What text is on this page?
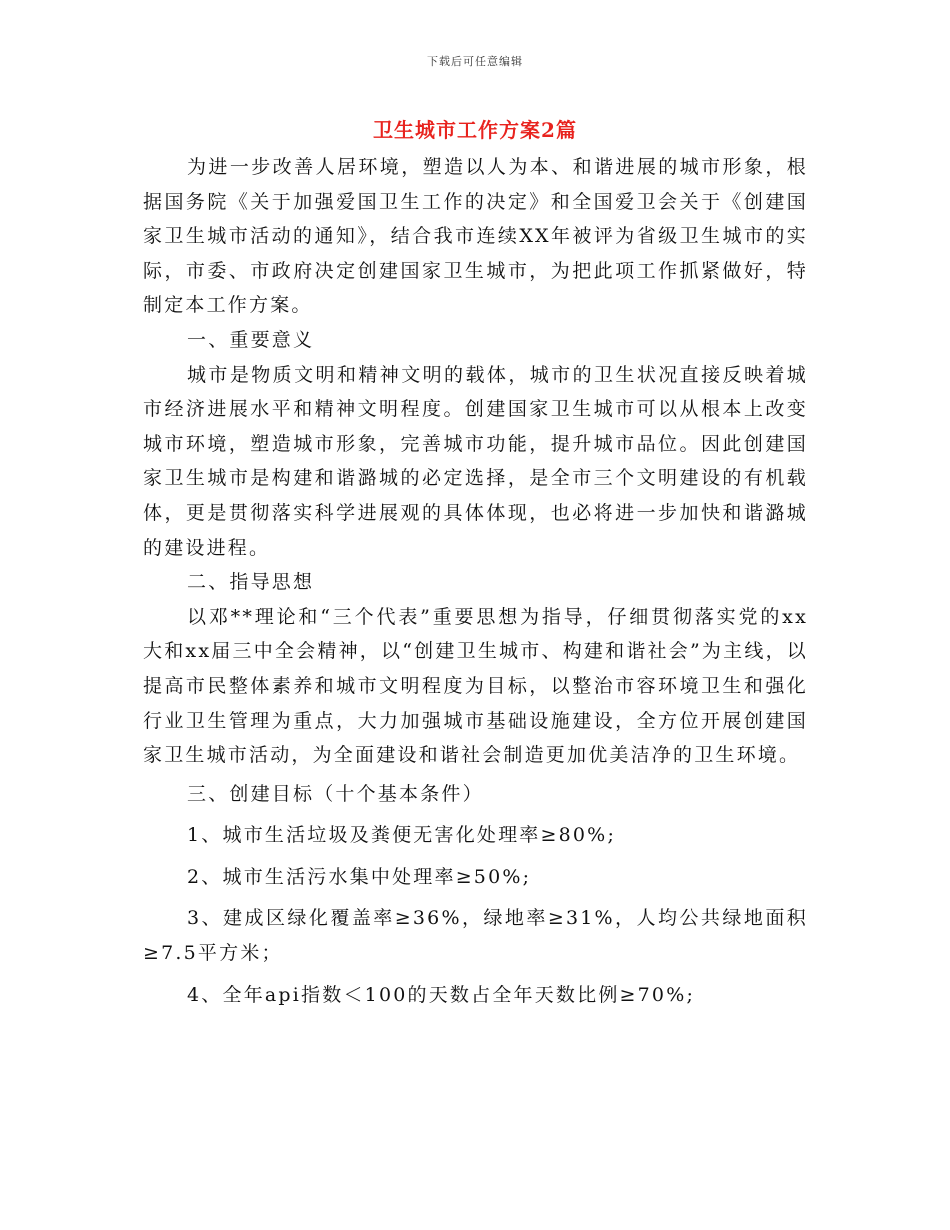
下载后可任意编辑
卫生城市工作方案2篇

为进一步改善人居环境，塑造以人为本、和谐进展的城市形象，根据国务院《关于加强爱国卫生工作的决定》和全国爱卫会关于《创建国家卫生城市活动的通知》，结合我市连续XX年被评为省级卫生城市的实际，市委、市政府决定创建国家卫生城市，为把此项工作抓紧做好，特制定本工作方案。

一、重要意义

城市是物质文明和精神文明的载体，城市的卫生状况直接反映着城市经济进展水平和精神文明程度。创建国家卫生城市可以从根本上改变城市环境，塑造城市形象，完善城市功能，提升城市品位。因此创建国家卫生城市是构建和谐潞城的必定选择，是全市三个文明建设的有机载体，更是贯彻落实科学进展观的具体体现，也必将进一步加快和谐潞城的建设进程。

二、指导思想

以邓**理论和“三个代表”重要思想为指导，仔细贯彻落实党的xx大和xx届三中全会精神，以“创建卫生城市、构建和谐社会”为主线，以提高市民整体素养和城市文明程度为目标，以整治市容环境卫生和强化行业卫生管理为重点，大力加强城市基础设施建设，全方位开展创建国家卫生城市活动，为全面建设和谐社会制造更加优美洁净的卫生环境。

三、创建目标（十个基本条件）

1、城市生活垃圾及粪便无害化处理率≥80%;

2、城市生活污水集中处理率≥50%;

3、建成区绿化覆盖率≥36%，绿地率≥31%，人均公共绿地面积≥7.5平方米；

4、全年api指数＜100的天数占全年天数比例≥70%;
